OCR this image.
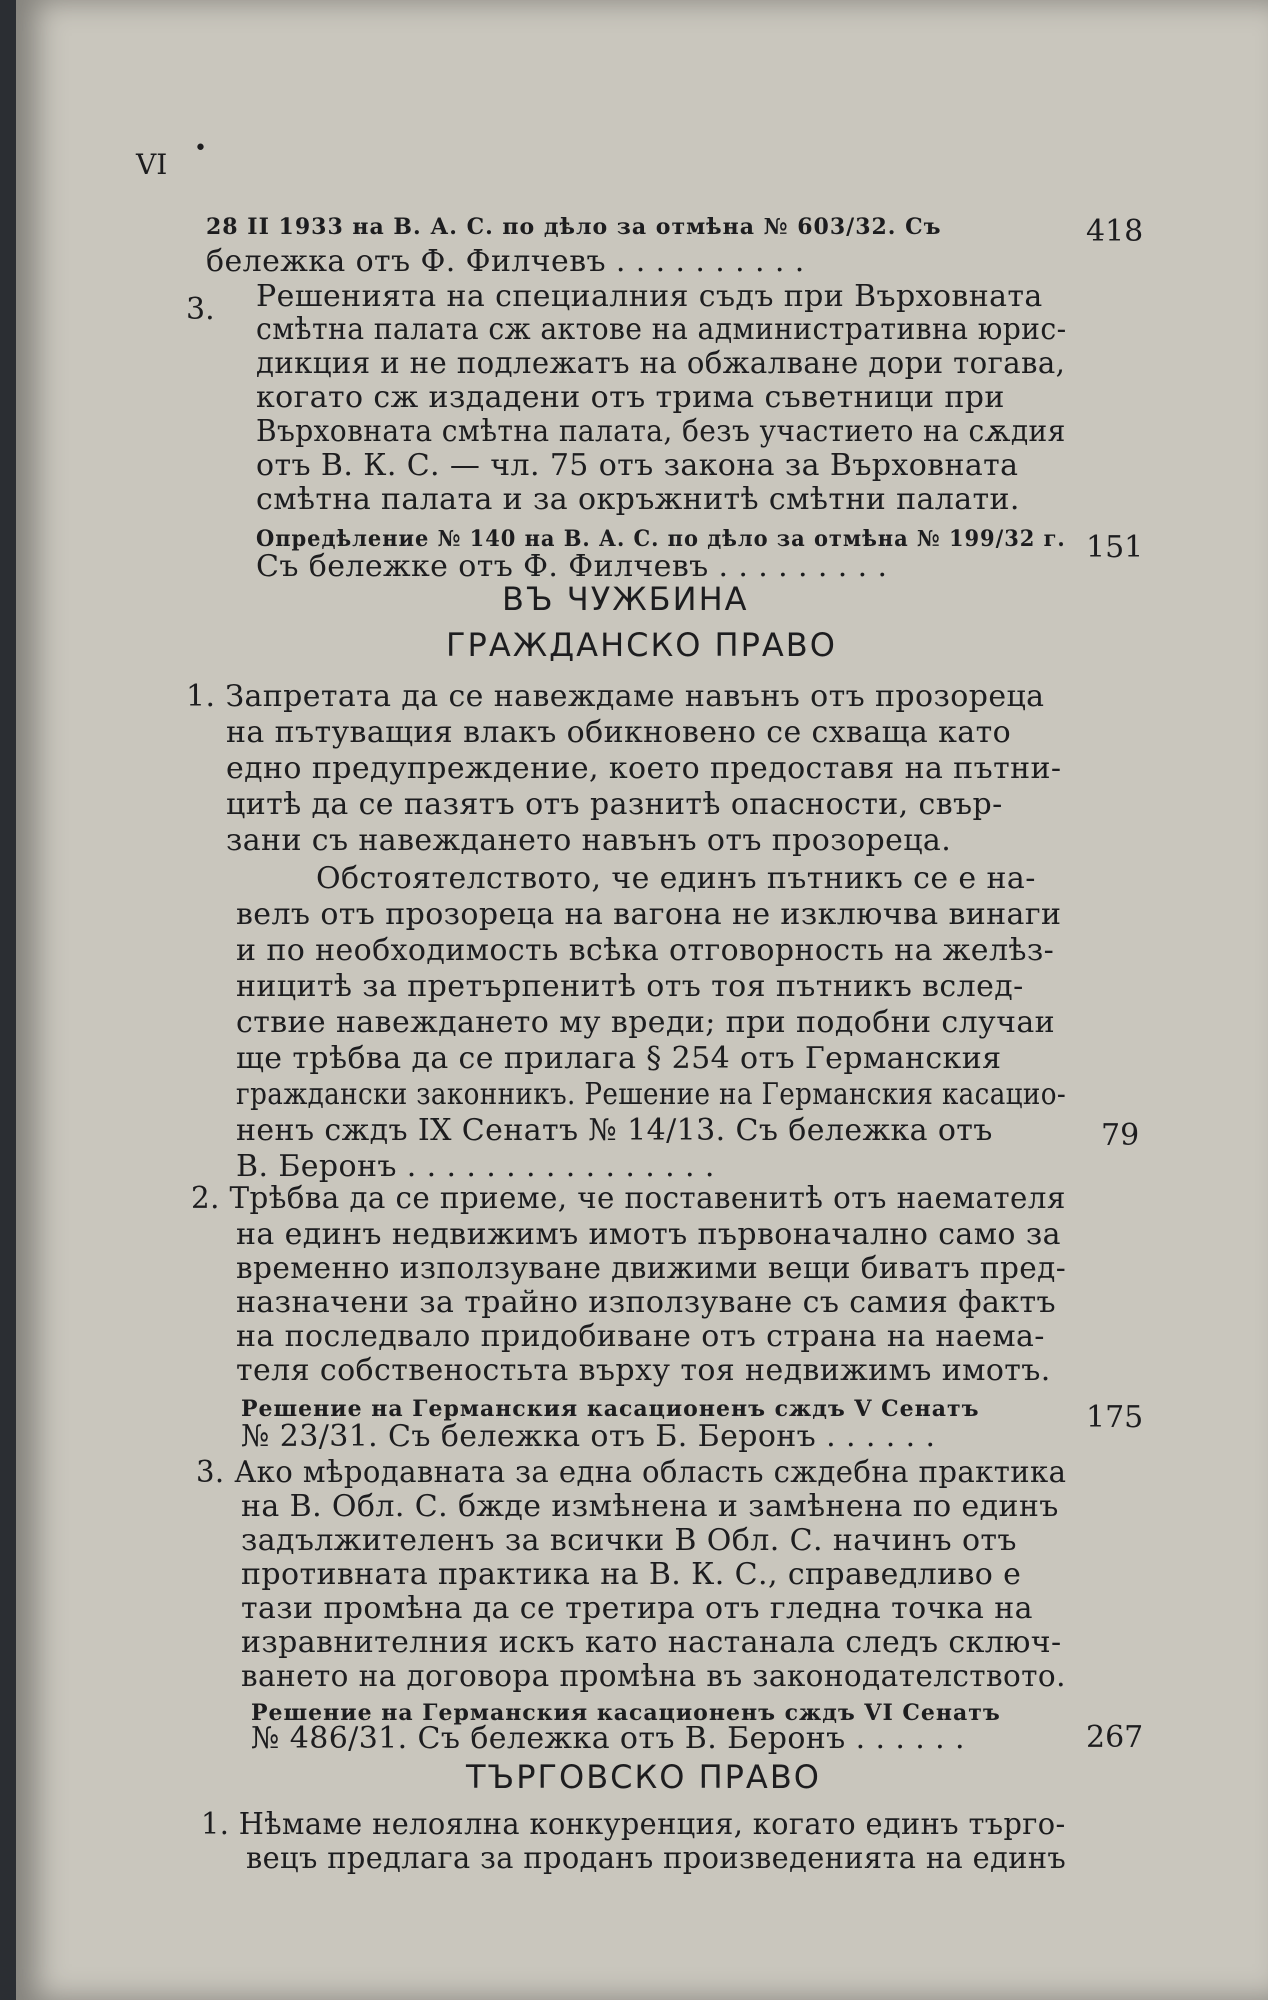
VI •
28 II 1933 на В. А. С. по дѣло за отмѣна № 603/32. Съ
бележка отъ Ф. Филчевъ . . . . . . . . . .
418
3. Решенията на специалния съдъ при Върховната
смѣтна палата сж актове на административна юрис-
дикция и не подлежатъ на обжалване дори тогава,
когато сж издадени отъ трима съветници при
Върховната смѣтна палата, безъ участието на сѫдия
отъ В. К. С. — чл. 75 отъ закона за Върховната
смѣтна палата и за окръжнитѣ смѣтни палати.
Опредѣление № 140 на В. А. С. по дѣло за отмѣна № 199/32 г.
Съ бележке отъ Ф. Филчевъ . . . . . . . . .
151
ВЪ ЧУЖБИНА
ГРАЖДАНСКО ПРАВО
1. Запретата да се навеждаме навънъ отъ прозореца
на пътуващия влакъ обикновено се схваща като
едно предупреждение, което предоставя на пътни-
цитѣ да се пазятъ отъ разнитѣ опасности, свър-
зани съ навеждането навънъ отъ прозореца.
Обстоятелството, че единъ пътникъ се е на-
велъ отъ прозореца на вагона не изключва винаги
и по необходимость всѣка отговорность на желѣз-
ницитѣ за претърпенитѣ отъ тоя пътникъ вслед-
ствие навеждането му вреди; при подобни случаи
ще трѣбва да се прилага § 254 отъ Германския
граждански законникъ. Решение на Германския касацио-
ненъ сждъ IX Сенатъ № 14/13. Съ бележка отъ
В. Беронъ . . . . . . . . . . . . . . . .
79
2. Трѣбва да се приеме, че поставенитѣ отъ наемателя
на единъ недвижимъ имотъ първоначално само за
временно използуване движими вещи биватъ пред-
назначени за трайно използуване съ самия фактъ
на последвало придобиване отъ страна на наема-
теля собственостьта върху тоя недвижимъ имотъ.
Решение на Германския касационенъ сждъ V Сенатъ
№ 23/31. Съ бележка отъ Б. Беронъ . . . . . .
175
3. Ако мѣродавната за една область сждебна практика
на В. Обл. С. бжде измѣнена и замѣнена по единъ
задължителенъ за всички В Обл. С. начинъ отъ
противната практика на В. К. С., справедливо е
тази промѣна да се третира отъ гледна точка на
изравнителния искъ като настанала следъ сключ-
ването на договора промѣна въ законодателството.
Решение на Германския касационенъ сждъ VI Сенатъ
№ 486/31. Съ бележка отъ В. Беронъ . . . . . .	267
ТЪРГОВСКО ПРАВО
1. Нѣмаме нелоялна конкуренция, когато единъ търго-
вецъ предлага за проданъ произведенията на единъ
